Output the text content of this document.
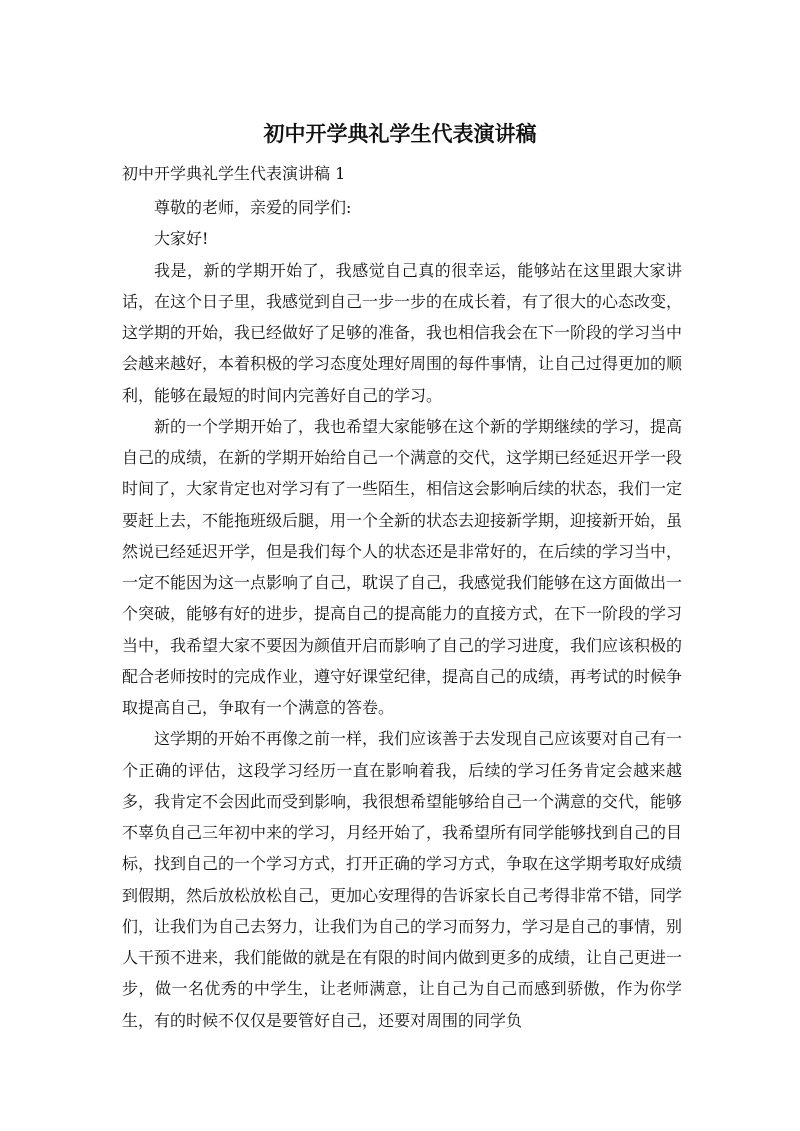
初中开学典礼学生代表演讲稿
初中开学典礼学生代表演讲稿 1

尊敬的老师，亲爱的同学们:

大家好!

我是，新的学期开始了，我感觉自己真的很幸运，能够站在这里跟大家讲话，在这个日子里，我感觉到自己一步一步的在成长着，有了很大的心态改变，这学期的开始，我已经做好了足够的准备，我也相信我会在下一阶段的学习当中会越来越好，本着积极的学习态度处理好周围的每件事情，让自己过得更加的顺利，能够在最短的时间内完善好自己的学习。

新的一个学期开始了，我也希望大家能够在这个新的学期继续的学习，提高自己的成绩，在新的学期开始给自己一个满意的交代，这学期已经延迟开学一段时间了，大家肯定也对学习有了一些陌生，相信这会影响后续的状态，我们一定要赶上去，不能拖班级后腿，用一个全新的状态去迎接新学期，迎接新开始，虽然说已经延迟开学，但是我们每个人的状态还是非常好的，在后续的学习当中，一定不能因为这一点影响了自己，耽误了自己，我感觉我们能够在这方面做出一个突破，能够有好的进步，提高自己的提高能力的直接方式，在下一阶段的学习当中，我希望大家不要因为颜值开启而影响了自己的学习进度，我们应该积极的配合老师按时的完成作业，遵守好课堂纪律，提高自己的成绩，再考试的时候争取提高自己，争取有一个满意的答卷。

这学期的开始不再像之前一样，我们应该善于去发现自己应该要对自己有一个正确的评估，这段学习经历一直在影响着我，后续的学习任务肯定会越来越多，我肯定不会因此而受到影响，我很想希望能够给自己一个满意的交代，能够不辜负自己三年初中来的学习，月经开始了，我希望所有同学能够找到自己的目标，找到自己的一个学习方式，打开正确的学习方式，争取在这学期考取好成绩到假期，然后放松放松自己，更加心安理得的告诉家长自己考得非常不错，同学们，让我们为自己去努力，让我们为自己的学习而努力，学习是自己的事情，别人干预不进来，我们能做的就是在有限的时间内做到更多的成绩，让自己更进一步，做一名优秀的中学生，让老师满意，让自己为自己而感到骄傲，作为你学生，有的时候不仅仅是要管好自己，还要对周围的同学负
